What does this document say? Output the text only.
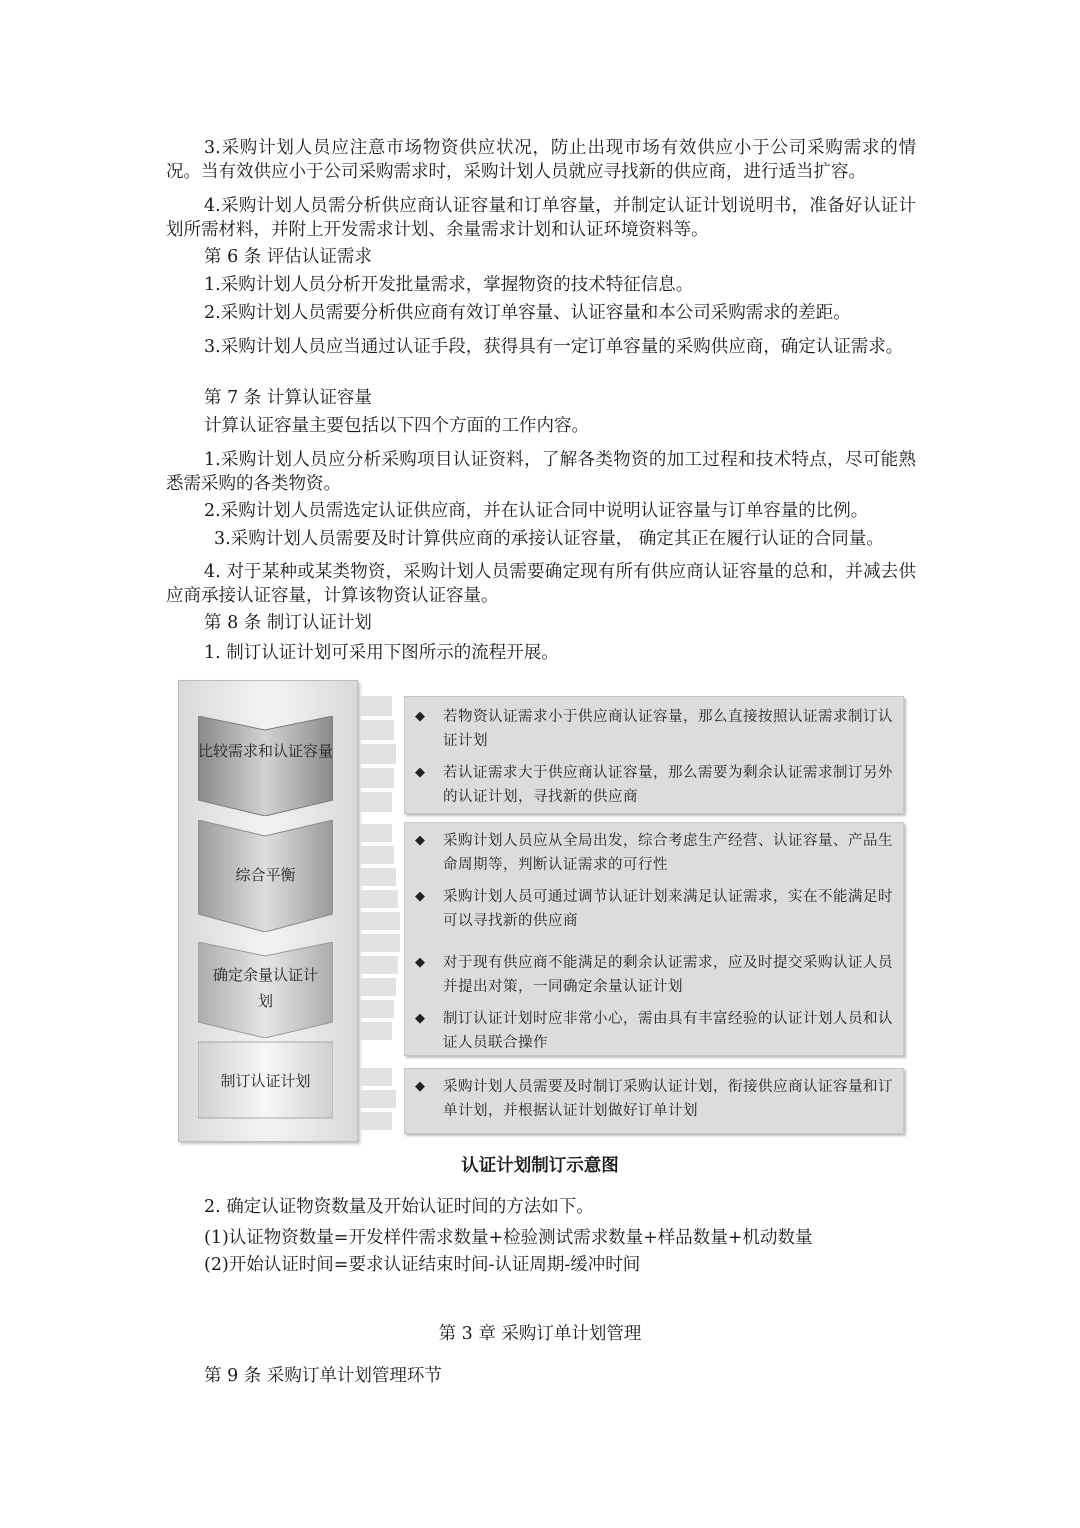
3.采购计划人员应注意市场物资供应状况，防止出现市场有效供应小于公司采购需求的情况。当有效供应小于公司采购需求时，采购计划人员就应寻找新的供应商，进行适当扩容。
4.采购计划人员需分析供应商认证容量和订单容量，并制定认证计划说明书，准备好认证计划所需材料，并附上开发需求计划、余量需求计划和认证环境资料等。
第 6 条 评估认证需求
1.采购计划人员分析开发批量需求，掌握物资的技术特征信息。
2.采购计划人员需要分析供应商有效订单容量、认证容量和本公司采购需求的差距。
3.采购计划人员应当通过认证手段，获得具有一定订单容量的采购供应商，确定认证需求。
第 7 条 计算认证容量
计算认证容量主要包括以下四个方面的工作内容。
1.采购计划人员应分析采购项目认证资料，了解各类物资的加工过程和技术特点，尽可能熟悉需采购的各类物资。
2.采购计划人员需选定认证供应商，并在认证合同中说明认证容量与订单容量的比例。
3.采购计划人员需要及时计算供应商的承接认证容量， 确定其正在履行认证的合同量。
4. 对于某种或某类物资，采购计划人员需要确定现有所有供应商认证容量的总和，并减去供应商承接认证容量，计算该物资认证容量。
第 8 条 制订认证计划
1. 制订认证计划可采用下图所示的流程开展。
比较需求和认证容量
综合平衡
确定余量认证计划
制订认证计划
◆ 若物资认证需求小于供应商认证容量，那么直接按照认证需求制订认证计划
◆ 若认证需求大于供应商认证容量，那么需要为剩余认证需求制订另外的认证计划，寻找新的供应商
◆ 采购计划人员应从全局出发，综合考虑生产经营、认证容量、产品生命周期等，判断认证需求的可行性
◆ 采购计划人员可通过调节认证计划来满足认证需求，实在不能满足时可以寻找新的供应商
◆ 对于现有供应商不能满足的剩余认证需求，应及时提交采购认证人员并提出对策，一同确定余量认证计划
◆ 制订认证计划时应非常小心，需由具有丰富经验的认证计划人员和认证人员联合操作
◆ 采购计划人员需要及时制订采购认证计划，衔接供应商认证容量和订单计划，并根据认证计划做好订单计划
认证计划制订示意图
2. 确定认证物资数量及开始认证时间的方法如下。
(1)认证物资数量=开发样件需求数量+检验测试需求数量+样品数量+机动数量
(2)开始认证时间=要求认证结束时间-认证周期-缓冲时间
第 3 章 采购订单计划管理
第 9 条 采购订单计划管理环节
